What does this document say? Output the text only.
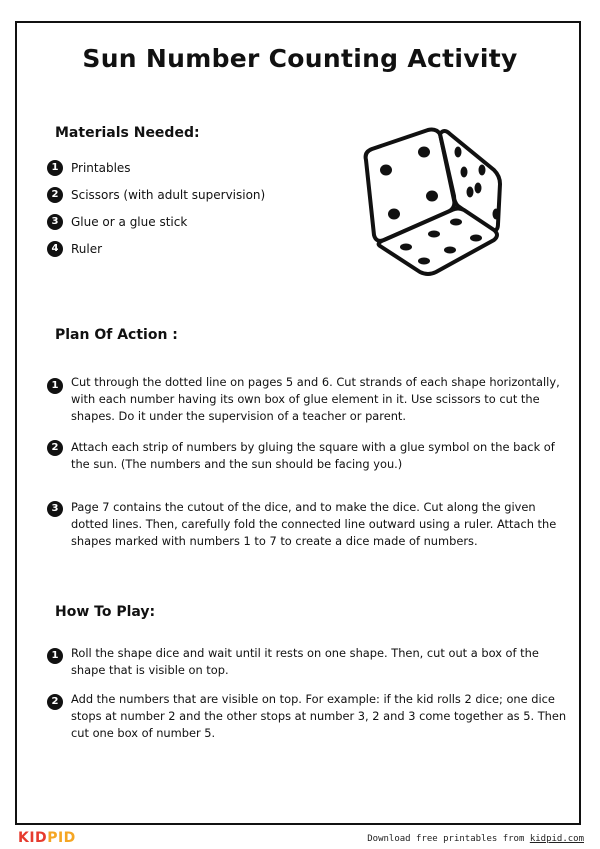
Sun Number Counting Activity
Materials Needed:
1	Printables
2	Scissors (with adult supervision)
3	Glue or a glue stick
4	Ruler
Plan Of Action :
1	Cut through the dotted line on pages 5 and 6. Cut strands of each shape horizontally, with each number having its own box of glue element in it. Use scissors to cut the shapes. Do it under the supervision of a teacher or parent.
2	Attach each strip of numbers by gluing the square with a glue symbol on the back of the sun. (The numbers and the sun should be facing you.)
3	Page 7 contains the cutout of the dice, and to make the dice. Cut along the given dotted lines. Then, carefully fold the connected line outward using a ruler. Attach the shapes marked with numbers 1 to 7 to create a dice made of numbers.
How To Play:
1	Roll the shape dice and wait until it rests on one shape. Then, cut out a box of the shape that is visible on top.
2	Add the numbers that are visible on top. For example: if the kid rolls 2 dice; one dice stops at number 2 and the other stops at number 3, 2 and 3 come together as 5. Then cut one box of number 5.
KIDPID	Download free printables from kidpid.com
